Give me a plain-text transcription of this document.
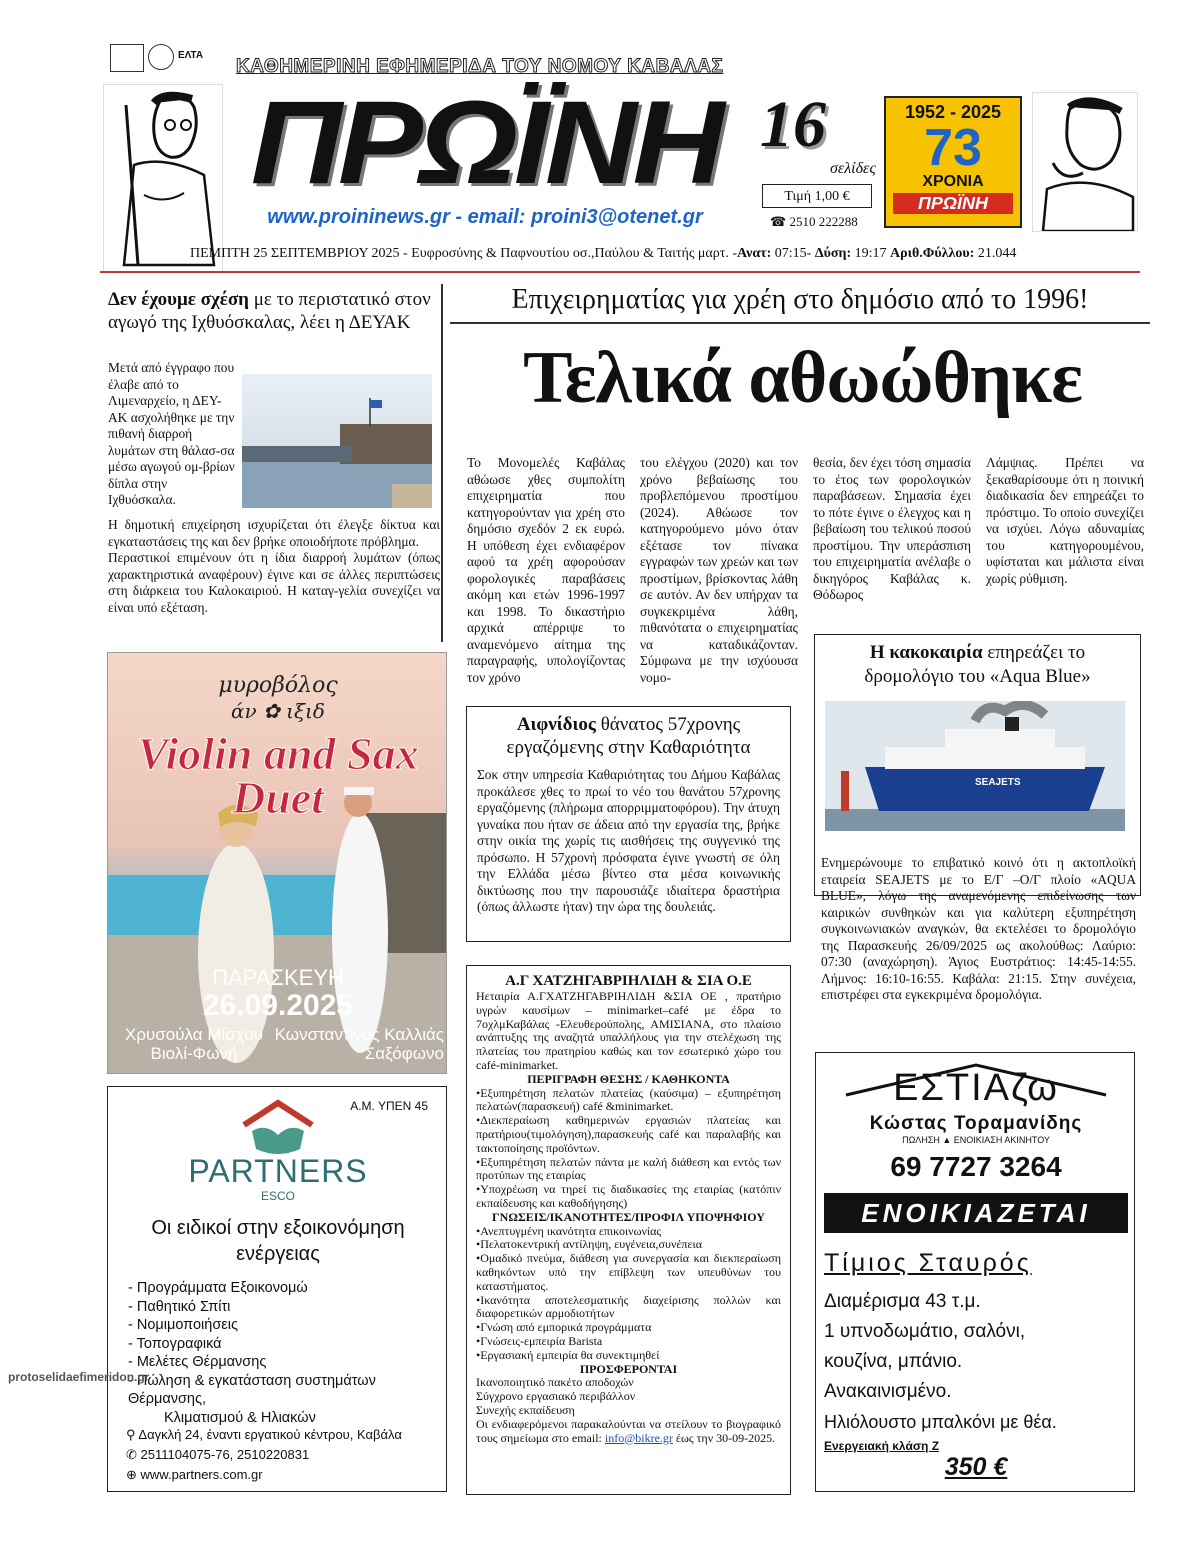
ΕΛΤΑ
ΚΑΘΗΜΕΡΙΝΗ ΕΦΗΜΕΡΙΔΑ ΤΟΥ ΝΟΜΟΥ ΚΑΒΑΛΑΣ
ΠΡΩΪΝΗ
www.proininews.gr - email: proini3@otenet.gr
16
σελίδες
Τιμή 1,00 €
☎ 2510 222288
1952 - 2025
73
ΧΡΟΝΙΑ
ΠΡΩΪΝΗ
ΠΕΜΠΤΗ 25 ΣΕΠΤΕΜΒΡΙΟΥ 2025 - Ευφροσύνης & Παφνουτίου οσ.,Παύλου & Ταιτής μαρτ. -Ανατ: 07:15- Δύση: 19:17 Αριθ.Φύλλου: 21.044
Δεν έχουμε σχέση με το περιστατικό στον αγωγό της Ιχθυόσκαλας, λέει η ΔΕΥΑΚ
Μετά από έγγραφο που έλαβε από το Λιμεναρχείο, η ΔΕΥ-ΑΚ ασχολήθηκε με την πιθανή διαρροή λυμάτων στη θάλασ-σα μέσω αγωγού ομ-βρίων δίπλα στην Ιχθυόσκαλα.
Η δημοτική επιχείρηση ισχυρίζεται ότι έλεγξε δίκτυα και εγκαταστάσεις της και δεν βρήκε οποιοδήποτε πρόβλημα.
Περαστικοί επιμένουν ότι η ίδια διαρροή λυμάτων (όπως χαρακτηριστικά αναφέρουν) έγινε και σε άλλες περιπτώσεις στη διάρκεια του Καλοκαιριού. Η καταγ-γελία συνεχίζει να είναι υπό εξέταση.
Επιχειρηματίας για χρέη στο δημόσιο από το 1996!
Τελικά αθωώθηκε
Το Μονομελές Καβάλας αθώωσε χθες συμπολίτη επιχειρηματία που κατηγορούνταν για χρέη στο δημόσιο σχεδόν 2 εκ ευρώ. Η υπόθεση έχει ενδιαφέρον αφού τα χρέη αφορούσαν φορολογικές παραβάσεις ακόμη και ετών 1996-1997 και 1998. Το δικαστήριο αρχικά απέρριψε το αναμενόμενο αίτημα της παραγραφής, υπολογίζοντας τον χρόνο
του ελέγχου (2020) και τον χρόνο βεβαίωσης του προβλεπόμενου προστίμου (2024). Αθώωσε τον κατηγορούμενο μόνο όταν εξέτασε τον πίνακα εγγραφών των χρεών και των προστίμων, βρίσκοντας λάθη σε αυτόν. Αν δεν υπήρχαν τα συγκεκριμένα λάθη, πιθανότατα ο επιχειρηματίας να καταδικάζονταν. Σύμφωνα με την ισχύουσα νομο-
θεσία, δεν έχει τόση σημασία το έτος των φορολογικών παραβάσεων. Σημασία έχει το πότε έγινε ο έλεγχος και η βεβαίωση του τελικού ποσού προστίμου. Την υπεράσπιση του επιχειρηματία ανέλαβε ο δικηγόρος Καβάλας κ. Θόδωρος
Λάμψιας. Πρέπει να ξεκαθαρίσουμε ότι η ποινική διαδικασία δεν επηρεάζει το πρόστιμο. Το οποίο συνεχίζει να ισχύει. Λόγω αδυναμίας του κατηγορουμένου, υφίσταται και μάλιστα είναι χωρίς ρύθμιση.
μυροβόλος
άν ✿ ιξιδ
Violin and Sax
Duet
ΠΑΡΑΣΚΕΥΗ
26.09.2025
Χρυσούλα Μίσχου
Βιολί-Φωνή
Κωνσταντίνος Καλλιάς
Σαξόφωνο
Α.Μ. ΥΠΕΝ 45
PARTNERS
ESCO
Οι ειδικοί στην εξοικονόμηση ενέργειας
- Προγράμματα Εξοικονομώ
- Παθητικό Σπίτι
- Νομιμοποιήσεις
- Τοπογραφικά
- Μελέτες Θέρμανσης
- Πώληση & εγκατάσταση συστημάτων Θέρμανσης,
Κλιματισμού & Ηλιακών
⚲ Δαγκλή 24, έναντι εργατικού κέντρου, Καβάλα
✆ 2511104075-76, 2510220831
⊕ www.partners.com.gr
protoselidaefimeridon.gr
Αιφνίδιος θάνατος 57χρονης εργαζόμενης στην Καθαριότητα
Σοκ στην υπηρεσία Καθαριότητας του Δήμου Καβάλας προκάλεσε χθες το πρωί το νέο του θανάτου 57χρονης εργαζόμενης (πλήρωμα απορριμματοφόρου). Την άτυχη γυναίκα που ήταν σε άδεια από την εργασία της, βρήκε στην οικία της χωρίς τις αισθήσεις της συγγενικό της πρόσωπο. Η 57χρονή πρόσφατα έγινε γνωστή σε όλη την Ελλάδα μέσω βίντεο στα μέσα κοινωνικής δικτύωσης που την παρουσιάζε ιδιαίτερα δραστήρια (όπως άλλωστε ήταν) την ώρα της δουλειάς.

Α.Γ ΧΑΤΖΗΓΑΒΡΙΗΛΙΔΗ & ΣΙΑ Ο.Ε

Ηεταιρία Α.ΓΧΑΤΖΗΓΑΒΡΙΗΛΙΔΗ &ΣΙΑ ΟΕ , πρατήριο υγρών καυσίμων – minimarket–café με έδρα το 7οχλμΚαβάλας -Ελευθερούπολης, ΑΜΙΣΙΑΝΑ, στο πλαίσιο ανάπτυξης της αναζητά υπαλλήλους για την στελέχωση της πλατείας του πρατηρίου καθώς και τον εσωτερικό χώρο του café-minimarket.

ΠΕΡΙΓΡΑΦΗ ΘΕΣΗΣ / ΚΑΘΗΚΟΝΤΑ

•Εξυπηρέτηση πελατών πλατείας (καύσιμα) – εξυπηρέτηση πελατών(παρασκευή) café &minimarket.

•Διεκπεραίωση καθημερινών εργασιών πλατείας και πρατήριου(τιμολόγηση),παρασκευής café και παραλαβής και τακτοποίησης προϊόντων.

•Εξυπηρέτηση πελατών πάντα με καλή διάθεση και εντός των προτύπων της εταιρίας

•Υποχρέωση να τηρεί τις διαδικασίες της εταιρίας (κατόπιν εκπαίδευσης και καθοδήγησης)

ΓΝΩΣΕΙΣ/ΙΚΑΝΟΤΗΤΕΣ/ΠΡΟΦΙΛ ΥΠΟΨΗΦΙΟΥ

•Ανεπτυγμένη ικανότητα επικοινωνίας

•Πελατοκεντρική αντίληψη, ευγένεια,συνέπεια

•Ομαδικό πνεύμα, διάθεση για συνεργασία και διεκπεραίωση καθηκόντων υπό την επίβλεψη των υπευθύνων του καταστήματος.

•Ικανότητα αποτελεσματικής διαχείρισης πολλών και διαφορετικών αρμοδιοτήτων

•Γνώση από εμπορικά προγράμματα

•Γνώσεις-εμπειρία Barista

•Εργασιακή εμπειρία θα συνεκτιμηθεί

ΠΡΟΣΦΕΡΟΝΤΑΙ

Ικανοποιητικό πακέτο αποδοχών

Σύγχρονο εργασιακό περιβάλλον

Συνεχής εκπαίδευση

Οι ενδιαφερόμενοι παρακαλούνται να στείλουν το βιογραφικό τους σημείωμα στο email: info@bikre.gr έως την 30-09-2025.

Η κακοκαιρία επηρεάζει το δρομολόγιο του «Aqua Blue»
SEAJETS
Ενημερώνουμε το επιβατικό κοινό ότι η ακτοπλοϊκή εταιρεία SEAJETS με το Ε/Γ –Ο/Γ πλοίο «AQUA BLUE», λόγω της αναμενόμενης επιδείνωσης των καιρικών συνθηκών και για καλύτερη εξυπηρέτηση συγκοινωνιακών αναγκών, θα εκτελέσει το δρομολόγιο της Παρασκευής 26/09/2025 ως ακολούθως: Λαύριο: 07:30 (αναχώρηση). Άγιος Ευστράτιος: 14:45-14:55. Λήμνος: 16:10-16:55. Καβάλα: 21:15. Στην συνέχεια, επιστρέφει στα εγκεκριμένα δρομολόγια.
ΕΣΤΙΑζω
Κώστας Τοραμανίδης
ΠΩΛΗΣΗ ▲ ΕΝΟΙΚΙΑΣΗ ΑΚΙΝΗΤΟΥ
69 7727 3264
ΕΝΟΙΚΙΑΖΕΤΑΙ
Τίμιος Σταυρός
Διαμέρισμα 43 τ.μ.
1 υπνοδωμάτιο, σαλόνι,
κουζίνα, μπάνιο.
Ανακαινισμένο.
Ηλιόλουστο μπαλκόνι με θέα.
Ενεργειακή κλάση Ζ
350 €
